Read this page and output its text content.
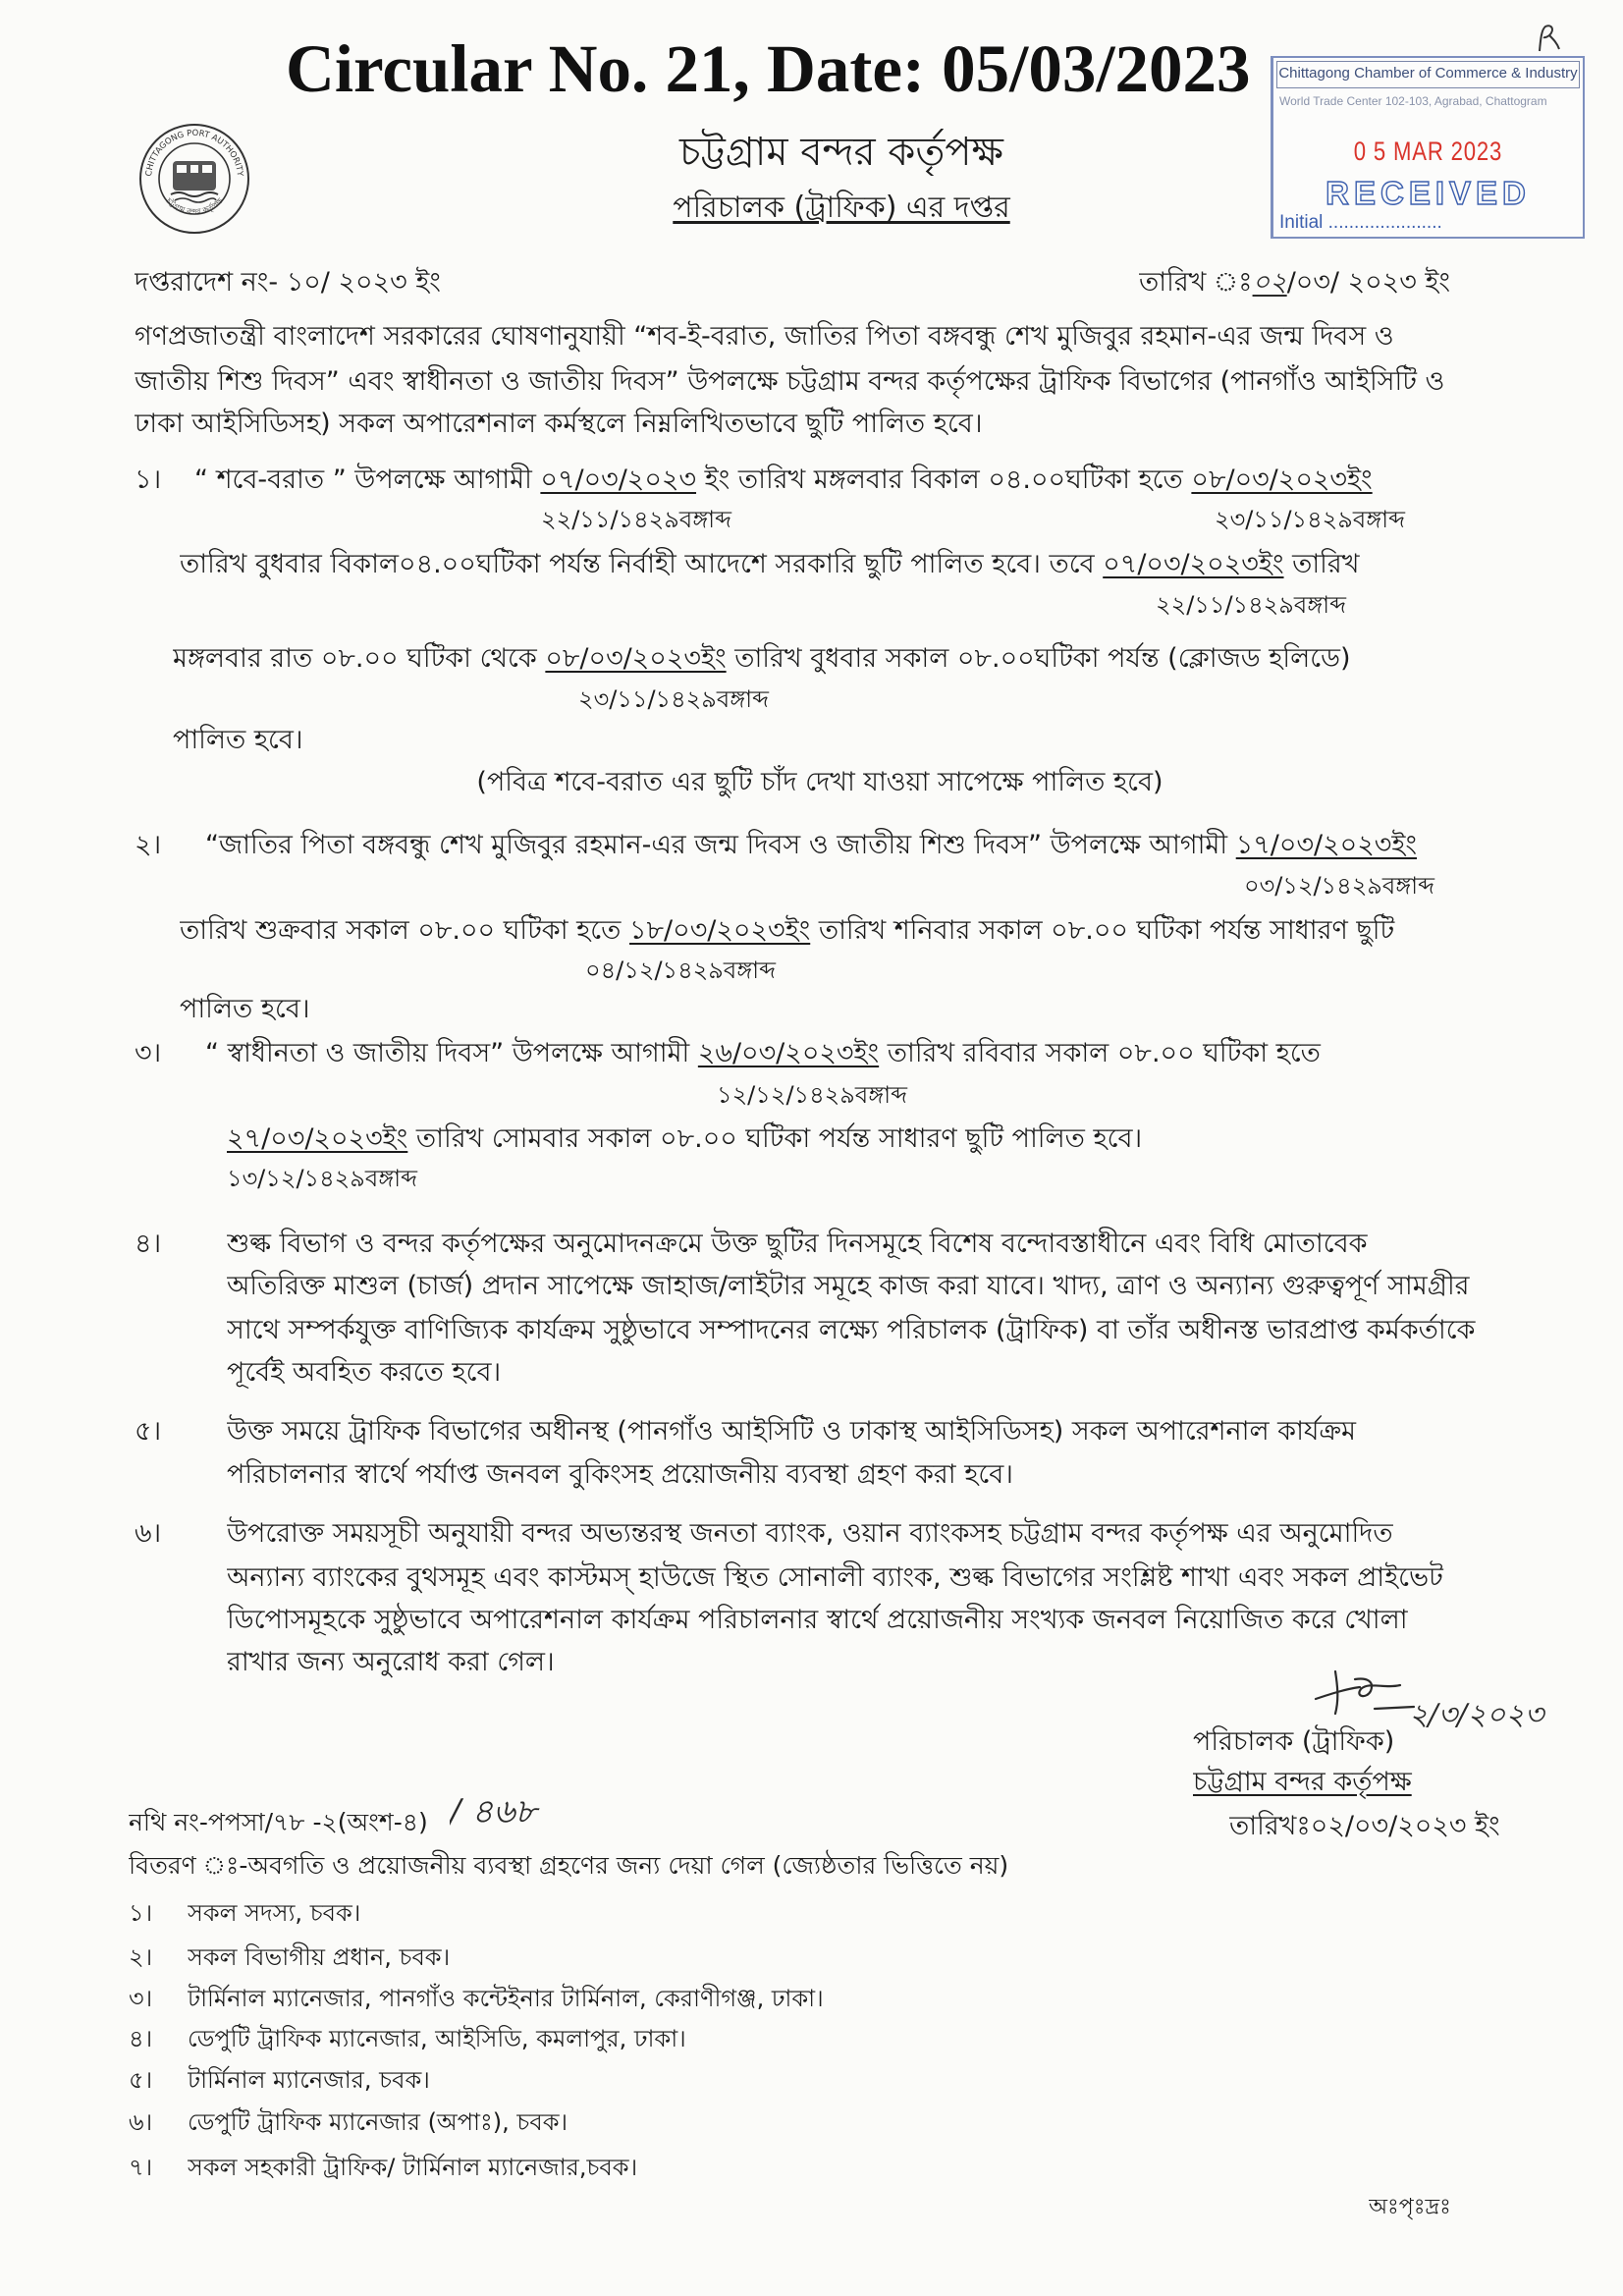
Circular No. 21, Date: 05/03/2023 Chittagong Chamber of Commerce & Industry
World Trade Center 102-103, Agrabad, Chattogram
0 5 MAR 2023
RECEIVED
Initial ......................
CHITTAGONG PORT AUTHORITY
চট্টগ্রাম বন্দর কর্তৃপক্ষ
চট্টগ্রাম বন্দর কর্তৃপক্ষ
পরিচালক (ট্রাফিক) এর দপ্তর
দপ্তরাদেশ নং- ১০/ ২০২৩ ইং	তারিখ ঃ০২/০৩/ ২০২৩ ইং
গণপ্রজাতন্ত্রী বাংলাদেশ সরকারের ঘোষণানুযায়ী “শব-ই-বরাত, জাতির পিতা বঙ্গবন্ধু শেখ মুজিবুর রহমান-এর জন্ম দিবস ও
জাতীয় শিশু দিবস” এবং স্বাধীনতা ও জাতীয় দিবস” উপলক্ষে চট্টগ্রাম বন্দর কর্তৃপক্ষের ট্রাফিক বিভাগের (পানগাঁও আইসিটি ও
ঢাকা আইসিডিসহ) সকল অপারেশনাল কর্মস্থলে নিম্নলিখিতভাবে ছুটি পালিত হবে।
১।	“ শবে-বরাত ” উপলক্ষে আগামী ০৭/০৩/২০২৩ ইং তারিখ মঙ্গলবার বিকাল ০৪.০০ঘটিকা হতে ০৮/০৩/২০২৩ইং
২২/১১/১৪২৯বঙ্গাব্দ	২৩/১১/১৪২৯বঙ্গাব্দ
তারিখ বুধবার বিকাল০৪.০০ঘটিকা পর্যন্ত নির্বাহী আদেশে সরকারি ছুটি পালিত হবে। তবে ০৭/০৩/২০২৩ইং তারিখ
২২/১১/১৪২৯বঙ্গাব্দ
মঙ্গলবার রাত ০৮.০০ ঘটিকা থেকে ০৮/০৩/২০২৩ইং তারিখ বুধবার সকাল ০৮.০০ঘটিকা পর্যন্ত (ক্লোজড হলিডে)
২৩/১১/১৪২৯বঙ্গাব্দ
পালিত হবে।
(পবিত্র শবে-বরাত এর ছুটি চাঁদ দেখা যাওয়া সাপেক্ষে পালিত হবে)
২।	“জাতির পিতা বঙ্গবন্ধু শেখ মুজিবুর রহমান-এর জন্ম দিবস ও জাতীয় শিশু দিবস” উপলক্ষে আগামী ১৭/০৩/২০২৩ইং
০৩/১২/১৪২৯বঙ্গাব্দ
তারিখ শুক্রবার সকাল ০৮.০০ ঘটিকা হতে ১৮/০৩/২০২৩ইং তারিখ শনিবার সকাল ০৮.০০ ঘটিকা পর্যন্ত সাধারণ ছুটি
০৪/১২/১৪২৯বঙ্গাব্দ
পালিত হবে।
৩।	“ স্বাধীনতা ও জাতীয় দিবস” উপলক্ষে আগামী ২৬/০৩/২০২৩ইং তারিখ রবিবার সকাল ০৮.০০ ঘটিকা হতে
১২/১২/১৪২৯বঙ্গাব্দ
২৭/০৩/২০২৩ইং তারিখ সোমবার সকাল ০৮.০০ ঘটিকা পর্যন্ত সাধারণ ছুটি পালিত হবে।
১৩/১২/১৪২৯বঙ্গাব্দ
৪।	শুল্ক বিভাগ ও বন্দর কর্তৃপক্ষের অনুমোদনক্রমে উক্ত ছুটির দিনসমূহে বিশেষ বন্দোবস্তাধীনে এবং বিধি মোতাবেক
অতিরিক্ত মাশুল (চার্জ) প্রদান সাপেক্ষে জাহাজ/লাইটার সমূহে কাজ করা যাবে। খাদ্য, ত্রাণ ও অন্যান্য গুরুত্বপূর্ণ সামগ্রীর
সাথে সম্পর্কযুক্ত বাণিজ্যিক কার্যক্রম সুষ্ঠুভাবে সম্পাদনের লক্ষ্যে পরিচালক (ট্রাফিক) বা তাঁর অধীনস্ত ভারপ্রাপ্ত কর্মকর্তাকে
পূর্বেই অবহিত করতে হবে।
৫।	উক্ত সময়ে ট্রাফিক বিভাগের অধীনস্থ (পানগাঁও আইসিটি ও ঢাকাস্থ আইসিডিসহ) সকল অপারেশনাল কার্যক্রম
পরিচালনার স্বার্থে পর্যাপ্ত জনবল বুকিংসহ প্রয়োজনীয় ব্যবস্থা গ্রহণ করা হবে।
৬।	উপরোক্ত সময়সূচী অনুযায়ী বন্দর অভ্যন্তরস্থ জনতা ব্যাংক, ওয়ান ব্যাংকসহ চট্টগ্রাম বন্দর কর্তৃপক্ষ এর অনুমোদিত
অন্যান্য ব্যাংকের বুথসমূহ এবং কাস্টমস্ হাউজে স্থিত সোনালী ব্যাংক, শুল্ক বিভাগের সংশ্লিষ্ট শাখা এবং সকল প্রাইভেট
ডিপোসমূহকে সুষ্ঠুভাবে অপারেশনাল কার্যক্রম পরিচালনার স্বার্থে প্রয়োজনীয় সংখ্যক জনবল নিয়োজিত করে খোলা
রাখার জন্য অনুরোধ করা গেল।
২/৩/২০২৩
পরিচালক (ট্রাফিক)
চট্টগ্রাম বন্দর কর্তৃপক্ষ
তারিখঃ০২/০৩/২০২৩ ইং
নথি নং-পপসা/৭৮ -২(অংশ-৪) / ৪৬৮
বিতরণ ঃ-অবগতি ও প্রয়োজনীয় ব্যবস্থা গ্রহণের জন্য দেয়া গেল (জ্যেষ্ঠতার ভিত্তিতে নয়)
১।	সকল সদস্য, চবক।
২।	সকল বিভাগীয় প্রধান, চবক।
৩।	টার্মিনাল ম্যানেজার, পানগাঁও কন্টেইনার টার্মিনাল, কেরাণীগঞ্জ, ঢাকা।
৪।	ডেপুটি ট্রাফিক ম্যানেজার, আইসিডি, কমলাপুর, ঢাকা।
৫।	টার্মিনাল ম্যানেজার, চবক।
৬।	ডেপুটি ট্রাফিক ম্যানেজার (অপাঃ), চবক।
৭।	সকল সহকারী ট্রাফিক/ টার্মিনাল ম্যানেজার,চবক।
অঃপৃঃদ্রঃ
